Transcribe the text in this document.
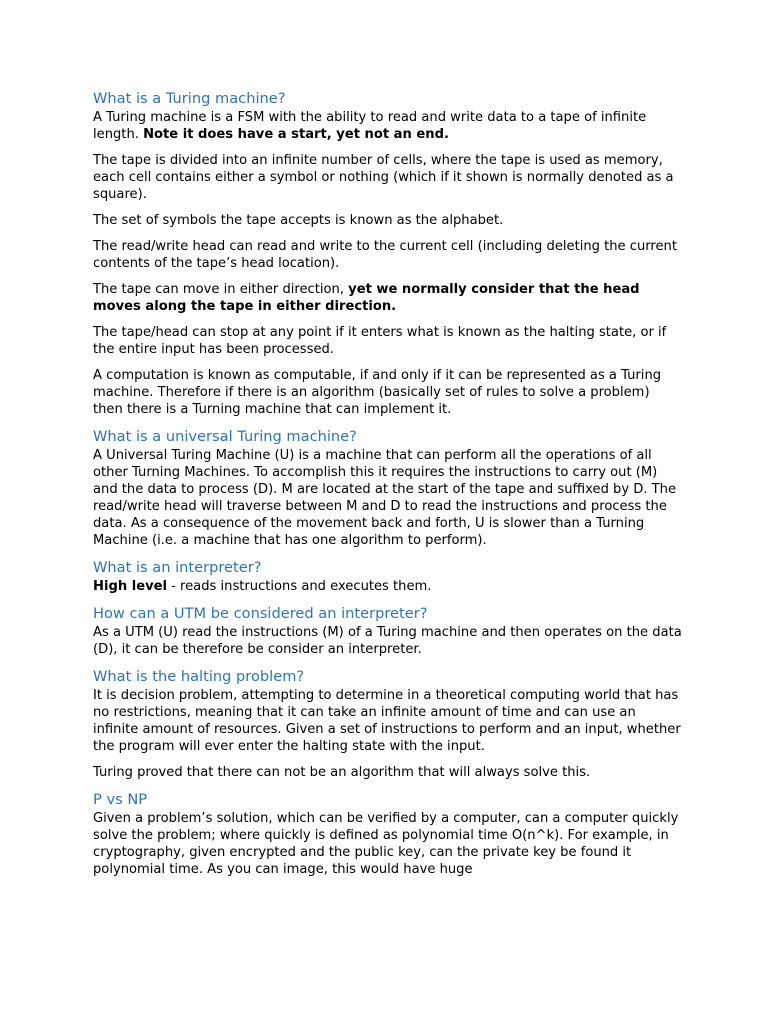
What is a Turing machine?

A Turing machine is a FSM with the ability to read and write data to a tape of infinite length. Note it does have a start, yet not an end.

The tape is divided into an infinite number of cells, where the tape is used as memory, each cell contains either a symbol or nothing (which if it shown is normally denoted as a square).

The set of symbols the tape accepts is known as the alphabet.

The read/write head can read and write to the current cell (including deleting the current contents of the tape’s head location).

The tape can move in either direction, yet we normally consider that the head moves along the tape in either direction.

The tape/head can stop at any point if it enters what is known as the halting state, or if the entire input has been processed.

A computation is known as computable, if and only if it can be represented as a Turing machine. Therefore if there is an algorithm (basically set of rules to solve a problem) then there is a Turning machine that can implement it.

What is a universal Turing machine?

A Universal Turing Machine (U) is a machine that can perform all the operations of all other Turning Machines. To accomplish this it requires the instructions to carry out (M) and the data to process (D). M are located at the start of the tape and suffixed by D. The read/write head will traverse between M and D to read the instructions and process the data. As a consequence of the movement back and forth, U is slower than a Turning Machine (i.e. a machine that has one algorithm to perform).

What is an interpreter?

High level - reads instructions and executes them.

How can a UTM be considered an interpreter?

As a UTM (U) read the instructions (M) of a Turing machine and then operates on the data (D), it can be therefore be consider an interpreter.

What is the halting problem?

It is decision problem, attempting to determine in a theoretical computing world that has no restrictions, meaning that it can take an infinite amount of time and can use an infinite amount of resources. Given a set of instructions to perform and an input, whether the program will ever enter the halting state with the input.

Turing proved that there can not be an algorithm that will always solve this.

P vs NP

Given a problem’s solution, which can be verified by a computer, can a computer quickly solve the problem; where quickly is defined as polynomial time O(n^k). For example, in cryptography, given encrypted and the public key, can the private key be found it polynomial time. As you can image, this would have huge
